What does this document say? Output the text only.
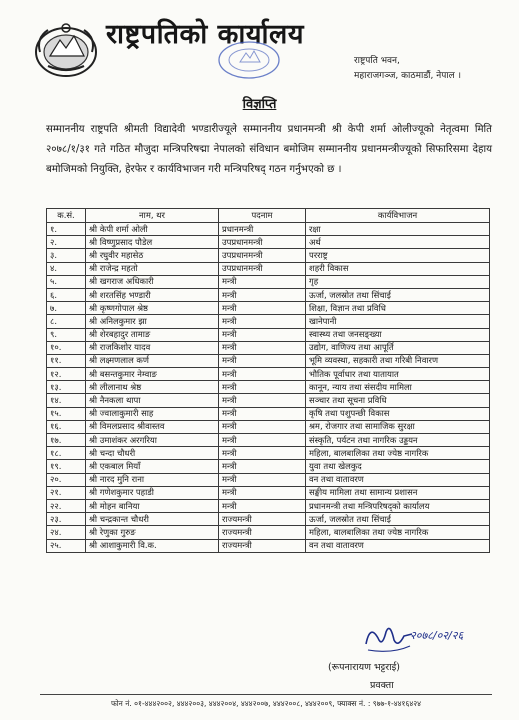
राष्ट्रपतिको कार्यालय
राष्ट्रपति भवन,
महाराजगञ्ज, काठमाडौं, नेपाल ।
विज्ञप्ति
सम्माननीय राष्ट्रपति श्रीमती विद्यादेवी भण्डारीज्यूले सम्माननीय प्रधानमन्त्री श्री केपी शर्मा ओलीज्यूको नेतृत्वमा मिति २०७८/१/३१ गते गठित मौजुदा मन्त्रिपरिषद्मा नेपालको संविधान बमोजिम सम्माननीय प्रधानमन्त्रीज्यूको सिफारिसमा देहाय बमोजिमको नियुक्ति, हेरफेर र कार्यविभाजन गरी मन्त्रिपरिषद् गठन गर्नुभएको छ ।
क.सं.	नाम, थर	पदनाम	कार्यविभाजन
१.	श्री केपी शर्मा ओली	प्रधानमन्त्री	रक्षा
२.	श्री विष्णुप्रसाद पौडेल	उपप्रधानमन्त्री	अर्थ
३.	श्री रघुवीर महासेठ	उपप्रधानमन्त्री	परराष्ट्र
४.	श्री राजेन्द्र महतो	उपप्रधानमन्त्री	शहरी विकास
५.	श्री खगराज अधिकारी	मन्त्री	गृह
६.	श्री शरतसिंह भण्डारी	मन्त्री	ऊर्जा, जलस्रोत तथा सिंचाई
७.	श्री कृष्णगोपाल श्रेष्ठ	मन्त्री	शिक्षा, विज्ञान तथा प्रविधि
८.	श्री अनिलकुमार झा	मन्त्री	खानेपानी
९.	श्री शेरबहादुर तामाङ	मन्त्री	स्वास्थ्य तथा जनसङ्ख्या
१०.	श्री राजकिशोर यादव	मन्त्री	उद्योग, वाणिज्य तथा आपूर्ति
११.	श्री लक्ष्मणलाल कर्ण	मन्त्री	भूमि व्यवस्था, सहकारी तथा गरिबी निवारण
१२.	श्री बसन्तकुमार नेम्वाङ	मन्त्री	भौतिक पूर्वाधार तथा यातायात
१३.	श्री लीलानाथ श्रेष्ठ	मन्त्री	कानून, न्याय तथा संसदीय मामिला
१४.	श्री नैनकला थापा	मन्त्री	सञ्चार तथा सूचना प्रविधि
१५.	श्री ज्वालाकुमारी साह	मन्त्री	कृषि तथा पशुपन्छी विकास
१६.	श्री विमलप्रसाद श्रीवास्तव	मन्त्री	श्रम, रोजगार तथा सामाजिक सुरक्षा
१७.	श्री उमाशंकर अरगरिया	मन्त्री	संस्कृति, पर्यटन तथा नागरिक उड्डयन
१८.	श्री चन्दा चौधरी	मन्त्री	महिला, बालबालिका तथा ज्येष्ठ नागरिक
१९.	श्री एकबाल मियाँ	मन्त्री	युवा तथा खेलकुद
२०.	श्री नारद मुनि राना	मन्त्री	वन तथा वातावरण
२१.	श्री गणेशकुमार पहाडी	मन्त्री	सङ्घीय मामिला तथा सामान्य प्रशासन
२२.	श्री मोहन बानिया	मन्त्री	प्रधानमन्त्री तथा मन्त्रिपरिषद्को कार्यालय
२३.	श्री चन्द्रकान्त चौधरी	राज्यमन्त्री	ऊर्जा, जलस्रोत तथा सिंचाई
२४.	श्री रेणुका गुरुङ	राज्यमन्त्री	महिला, बालबालिका तथा ज्येष्ठ नागरिक
२५.	श्री आशाकुमारी वि.क.	राज्यमन्त्री	वन तथा वातावरण
२०७८/०२/२६
(रूपनारायण भट्टराई)
प्रवक्ता
फोन नं. ०१-४४४२००२, ४४४२००३, ४४४२००४, ४४४२००७, ४४४२००८, ४४४२००९, फ्याक्स नं. : ९७७-१-४४१६४२४
